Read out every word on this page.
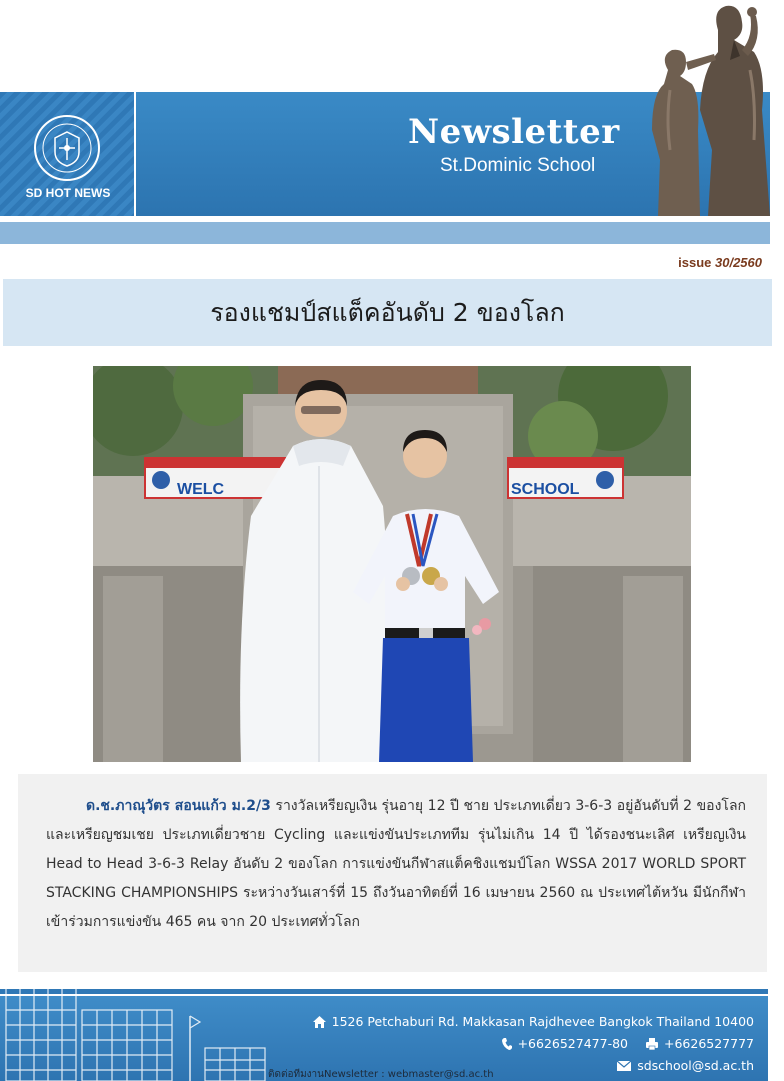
SD HOT NEWS
Newsletter
St.Dominic School
issue 30/2560
รองแชมป์สแต็คอันดับ 2 ของโลก
WELC	SCHOOL

ด.ช.ภาณุวัตร สอนแก้ว ม.2/3 รางวัลเหรียญเงิน รุ่นอายุ 12 ปี ชาย ประเภทเดี่ยว 3-6-3 อยู่อันดับที่ 2 ของโลก และเหรียญชมเชย ประเภทเดี่ยวชาย Cycling และแข่งขันประเภททีม รุ่นไม่เกิน 14 ปี ได้รองชนะเลิศ เหรียญเงิน Head to Head 3-6-3 Relay อันดับ 2 ของโลก การแข่งขันกีฬาสแต็คชิงแชมป์โลก WSSA 2017 WORLD SPORT STACKING CHAMPIONSHIPS ระหว่างวันเสาร์ที่ 15 ถึงวันอาทิตย์ที่ 16 เมษายน 2560 ณ ประเทศไต้หวัน มีนักกีฬาเข้าร่วมการแข่งขัน 465 คน จาก 20 ประเทศทั่วโลก

1526 Petchaburi Rd. Makkasan Rajdhevee Bangkok Thailand 10400
+6626527477-80	+6626527777
sdschool@sd.ac.th
ติดต่อทีมงานNewsletter : webmaster@sd.ac.th
